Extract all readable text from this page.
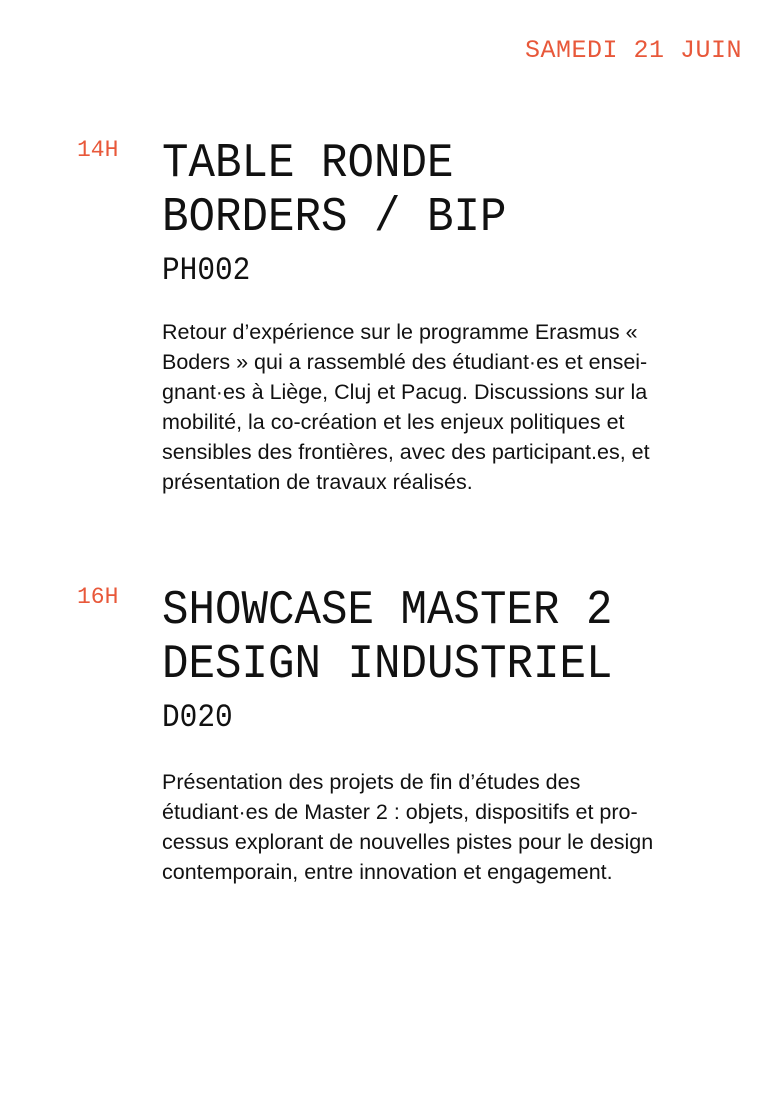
SAMEDI 21 JUIN
14H TABLE RONDE
BORDERS / BIP
PH002
Retour d’expérience sur le programme Erasmus «
Boders » qui a rassemblé des étudiant·es et ensei-
gnant·es à Liège, Cluj et Pacug. Discussions sur la
mobilité, la co-création et les enjeux politiques et
sensibles des frontières, avec des participant.es, et
présentation de travaux réalisés.
16H SHOWCASE MASTER 2
DESIGN INDUSTRIEL
D020
Présentation des projets de fin d’études des
étudiant·es de Master 2 : objets, dispositifs et pro-
cessus explorant de nouvelles pistes pour le design
contemporain, entre innovation et engagement.
